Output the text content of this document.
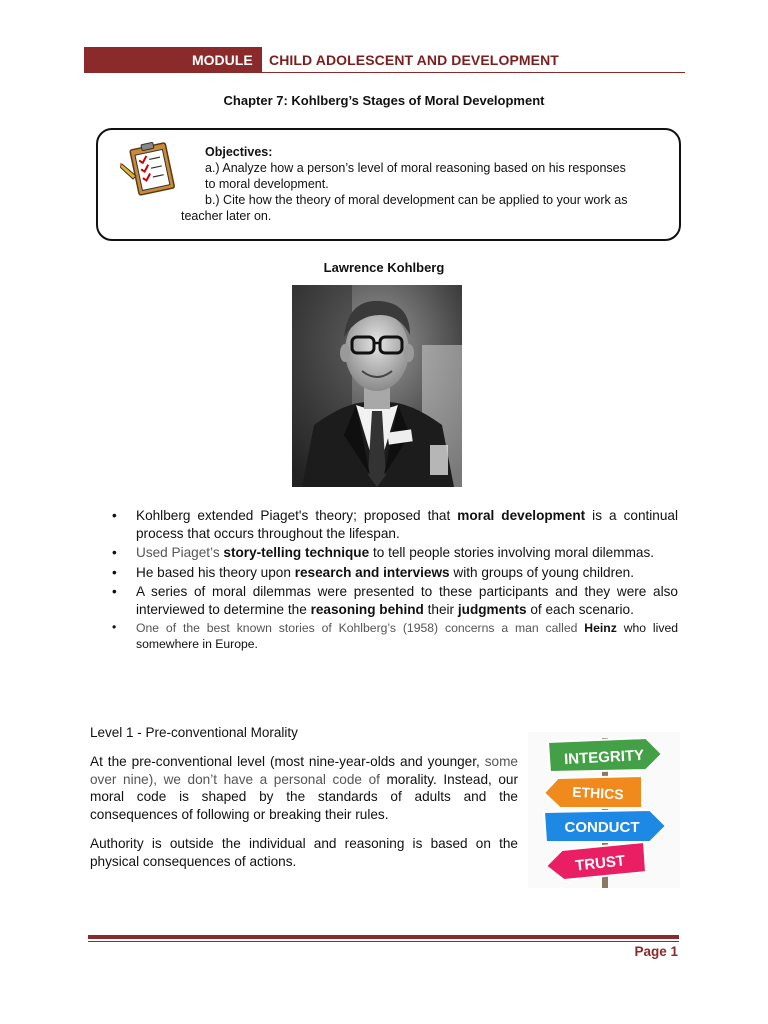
MODULE	CHILD ADOLESCENT AND DEVELOPMENT
Chapter 7: Kohlberg’s Stages of Moral Development
Objectives:
a.) Analyze how a person’s level of moral reasoning based on his responses
to moral development.
b.) Cite how the theory of moral development can be applied to your work as
teacher later on.
Lawrence Kohlberg
• Kohlberg extended Piaget's theory; proposed that moral development is a continual process that occurs throughout the lifespan.
• Used Piaget’s story-telling technique to tell people stories involving moral dilemmas.
• He based his theory upon research and interviews with groups of young children.
• A series of moral dilemmas were presented to these participants and they were also interviewed to determine the reasoning behind their judgments of each scenario.
• One of the best known stories of Kohlberg’s (1958) concerns a man called Heinz who lived somewhere in Europe.
Level 1 - Pre-conventional Morality
At the pre-conventional level (most nine-year-olds and younger, some over nine), we don’t have a personal code of morality. Instead, our moral code is shaped by the standards of adults and the consequences of following or breaking their rules.
Authority is outside the individual and reasoning is based on the physical consequences of actions.
INTEGRITY
ETHICS
CONDUCT
TRUST
Page 1
